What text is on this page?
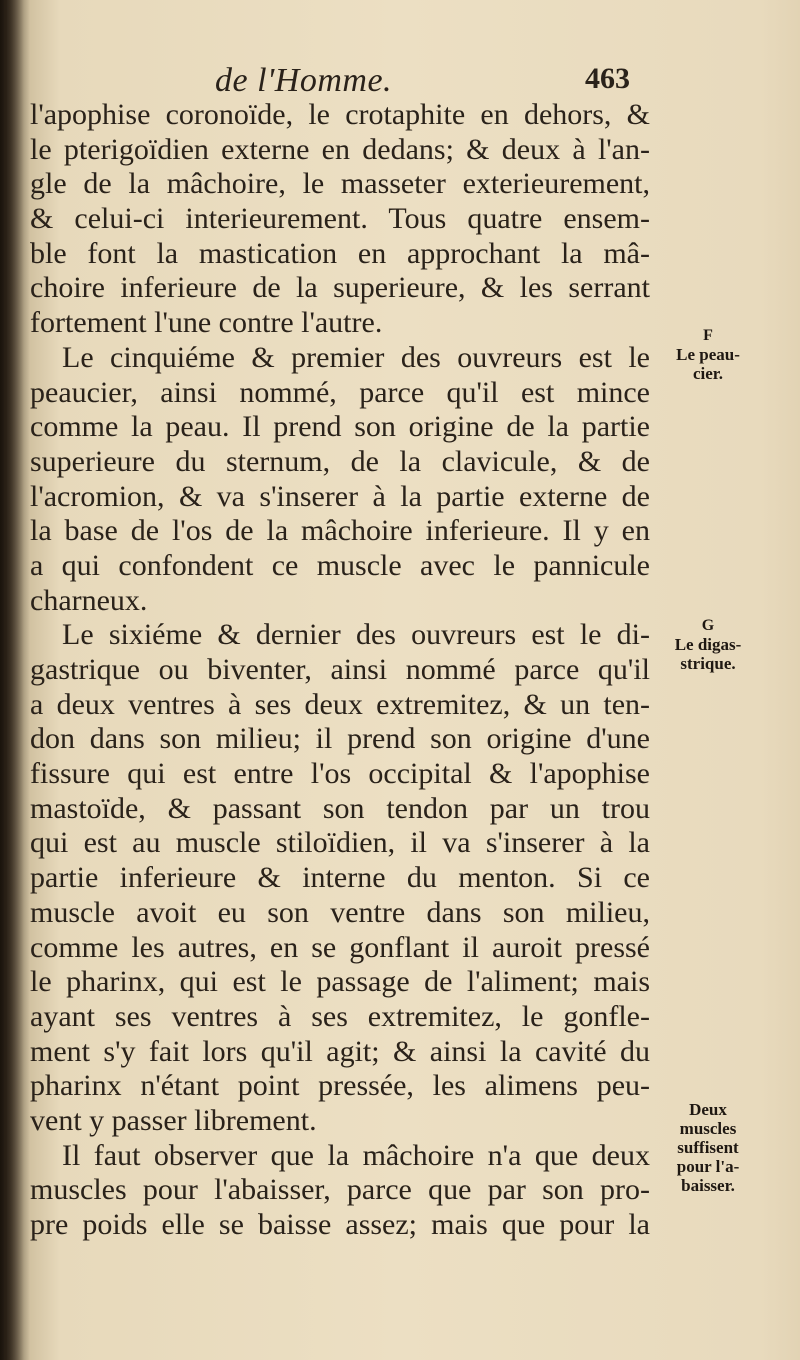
de l'Homme.	463
l'apophise coronoïde, le crotaphite en dehors, &
le pterigoïdien externe en dedans; & deux à l'an-
gle de la mâchoire, le masseter exterieurement,
& celui-ci interieurement. Tous quatre ensem-
ble font la mastication en approchant la mâ-
choire inferieure de la superieure, & les serrant
fortement l'une contre l'autre.
Le cinquiéme & premier des ouvreurs est le
peaucier, ainsi nommé, parce qu'il est mince
comme la peau. Il prend son origine de la partie
superieure du sternum, de la clavicule, & de
l'acromion, & va s'inserer à la partie externe de
la base de l'os de la mâchoire inferieure. Il y en
a qui confondent ce muscle avec le pannicule
charneux.
Le sixiéme & dernier des ouvreurs est le di-
gastrique ou biventer, ainsi nommé parce qu'il
a deux ventres à ses deux extremitez, & un ten-
don dans son milieu; il prend son origine d'une
fissure qui est entre l'os occipital & l'apophise
mastoïde, & passant son tendon par un trou
qui est au muscle stiloïdien, il va s'inserer à la
partie inferieure & interne du menton. Si ce
muscle avoit eu son ventre dans son milieu,
comme les autres, en se gonflant il auroit pressé
le pharinx, qui est le passage de l'aliment; mais
ayant ses ventres à ses extremitez, le gonfle-
ment s'y fait lors qu'il agit; & ainsi la cavité du
pharinx n'étant point pressée, les alimens peu-
vent y passer librement.
Il faut observer que la mâchoire n'a que deux
muscles pour l'abaisser, parce que par son pro-
pre poids elle se baisse assez; mais que pour la
F
Le peau-
cier.
G
Le digas-
strique.
Deux
muscles
suffisent
pour l'a-
baisser.
